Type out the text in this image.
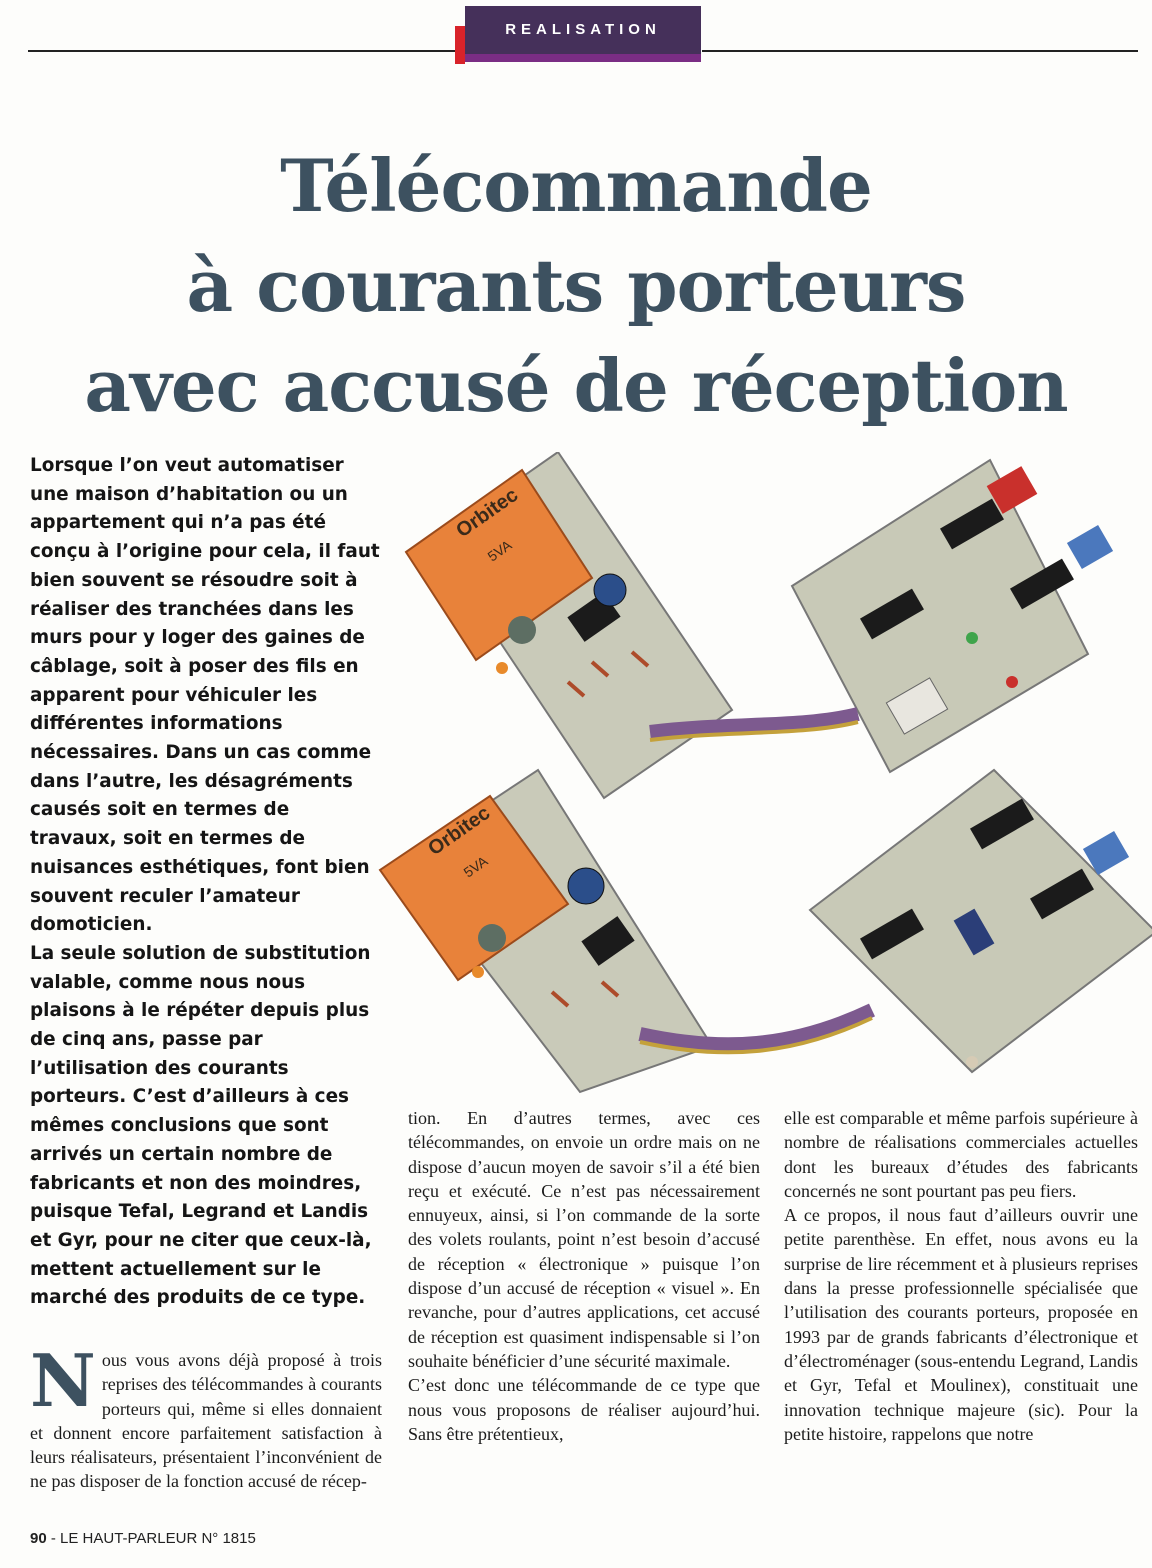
REALISATION
Télécommande
à courants porteurs
avec accusé de réception

Lorsque l’on veut automatiser une maison d’habitation ou un appartement qui n’a pas été conçu à l’origine pour cela, il faut bien souvent se résoudre soit à réaliser des tranchées dans les murs pour y loger des gaines de câblage, soit à poser des fils en apparent pour véhiculer les différentes informations nécessaires. Dans un cas comme dans l’autre, les désagréments causés soit en termes de travaux, soit en termes de nuisances esthétiques, font bien souvent reculer l’amateur domoticien.

La seule solution de substitution valable, comme nous nous plaisons à le répéter depuis plus de cinq ans, passe par l’utilisation des courants porteurs. C’est d’ailleurs à ces mêmes conclusions que sont arrivés un certain nombre de fabricants et non des moindres, puisque Tefal, Legrand et Landis et Gyr, pour ne citer que ceux-là, mettent actuellement sur le marché des produits de ce type.

Orbitec
5VA
Orbitec
5VA

Nous vous avons déjà proposé à trois reprises des télécommandes à courants porteurs qui, même si elles donnaient et donnent encore parfaitement satisfaction à leurs réalisateurs, présentaient l’inconvénient de ne pas disposer de la fonction accusé de récep-

tion. En d’autres termes, avec ces télécommandes, on envoie un ordre mais on ne dispose d’aucun moyen de savoir s’il a été bien reçu et exécuté. Ce n’est pas nécessairement ennuyeux, ainsi, si l’on commande de la sorte des volets roulants, point n’est besoin d’accusé de réception « électronique » puisque l’on dispose d’un accusé de réception « visuel ». En revanche, pour d’autres applications, cet accusé de réception est quasiment indispensable si l’on souhaite bénéficier d’une sécurité maximale.

C’est donc une télécommande de ce type que nous vous proposons de réaliser aujourd’hui. Sans être prétentieux,

elle est comparable et même parfois supérieure à nombre de réalisations commerciales actuelles dont les bureaux d’études des fabricants concernés ne sont pourtant pas peu fiers.

A ce propos, il nous faut d’ailleurs ouvrir une petite parenthèse. En effet, nous avons eu la surprise de lire récemment et à plusieurs reprises dans la presse professionnelle spécialisée que l’utilisation des courants porteurs, proposée en 1993 par de grands fabricants d’électronique et d’électroménager (sous-entendu Legrand, Landis et Gyr, Tefal et Moulinex), constituait une innovation technique majeure (sic). Pour la petite histoire, rappelons que notre

90 - LE HAUT-PARLEUR N° 1815
